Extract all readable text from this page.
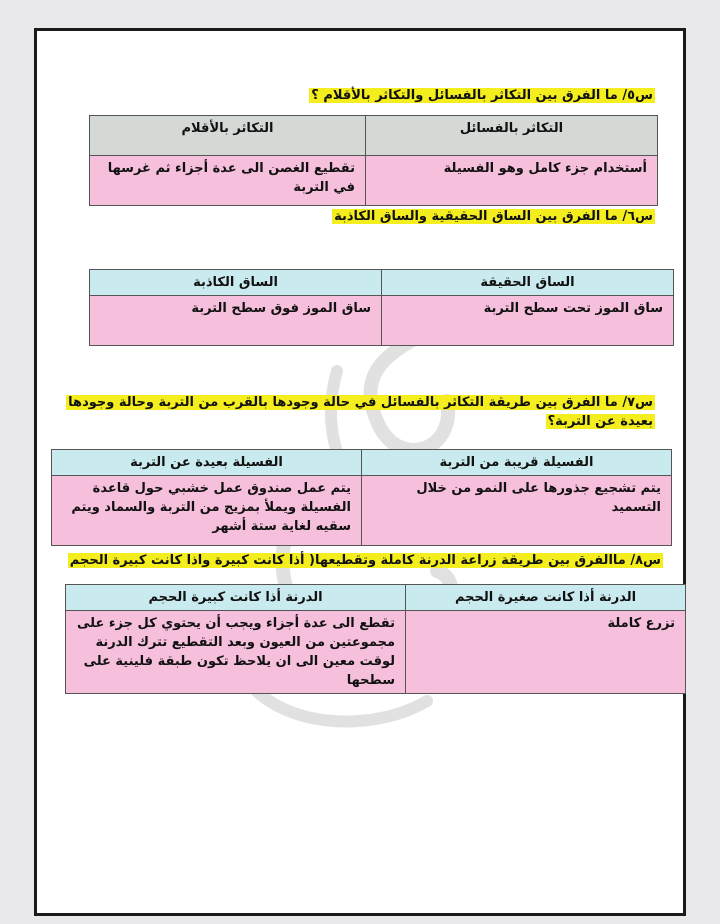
س٥/ ما الفرق بين التكاثر بالفسائل والتكاثر بالأقلام ؟
التكاثر بالفسائل	التكاثر بالأقلام
أستخدام جزء كامل وهو الفسيلة	تقطيع الغصن الى عدة أجزاء ثم غرسها في التربة
س٦/ ما الفرق بين الساق الحقيقية والساق الكاذبة
الساق الحقيقة	الساق الكاذبة
ساق الموز تحت سطح التربة	ساق الموز فوق سطح التربة
س٧/ ما الفرق بين طريقة التكاثر بالفسائل في حالة وجودها بالقرب من التربة وحالة وجودها
بعيدة عن التربة؟
الفسيلة قريبة من التربة	الفسيلة بعيدة عن التربة
يتم تشجيع جذورها على النمو من خلال التسميد	يتم عمل صندوق عمل خشبي حول قاعدة الفسيلة ويملأ بمزيج من التربة والسماد ويتم سقيه لغاية ستة أشهر
س٨/ ماالفرق بين طريقة زراعة الدرنة كاملة وتقطيعها( أذا كانت كبيرة واذا كانت كبيرة الحجم
الدرنة أذا كانت صغيرة الحجم	الدرنة أذا كانت كبيرة الحجم
تزرع كاملة	تقطع الى عدة أجزاء ويجب أن يحتوي كل جزء على مجموعتين من العيون وبعد التقطيع تترك الدرنة لوقت معين الى ان يلاحظ تكون طبقة فلينية على سطحها
